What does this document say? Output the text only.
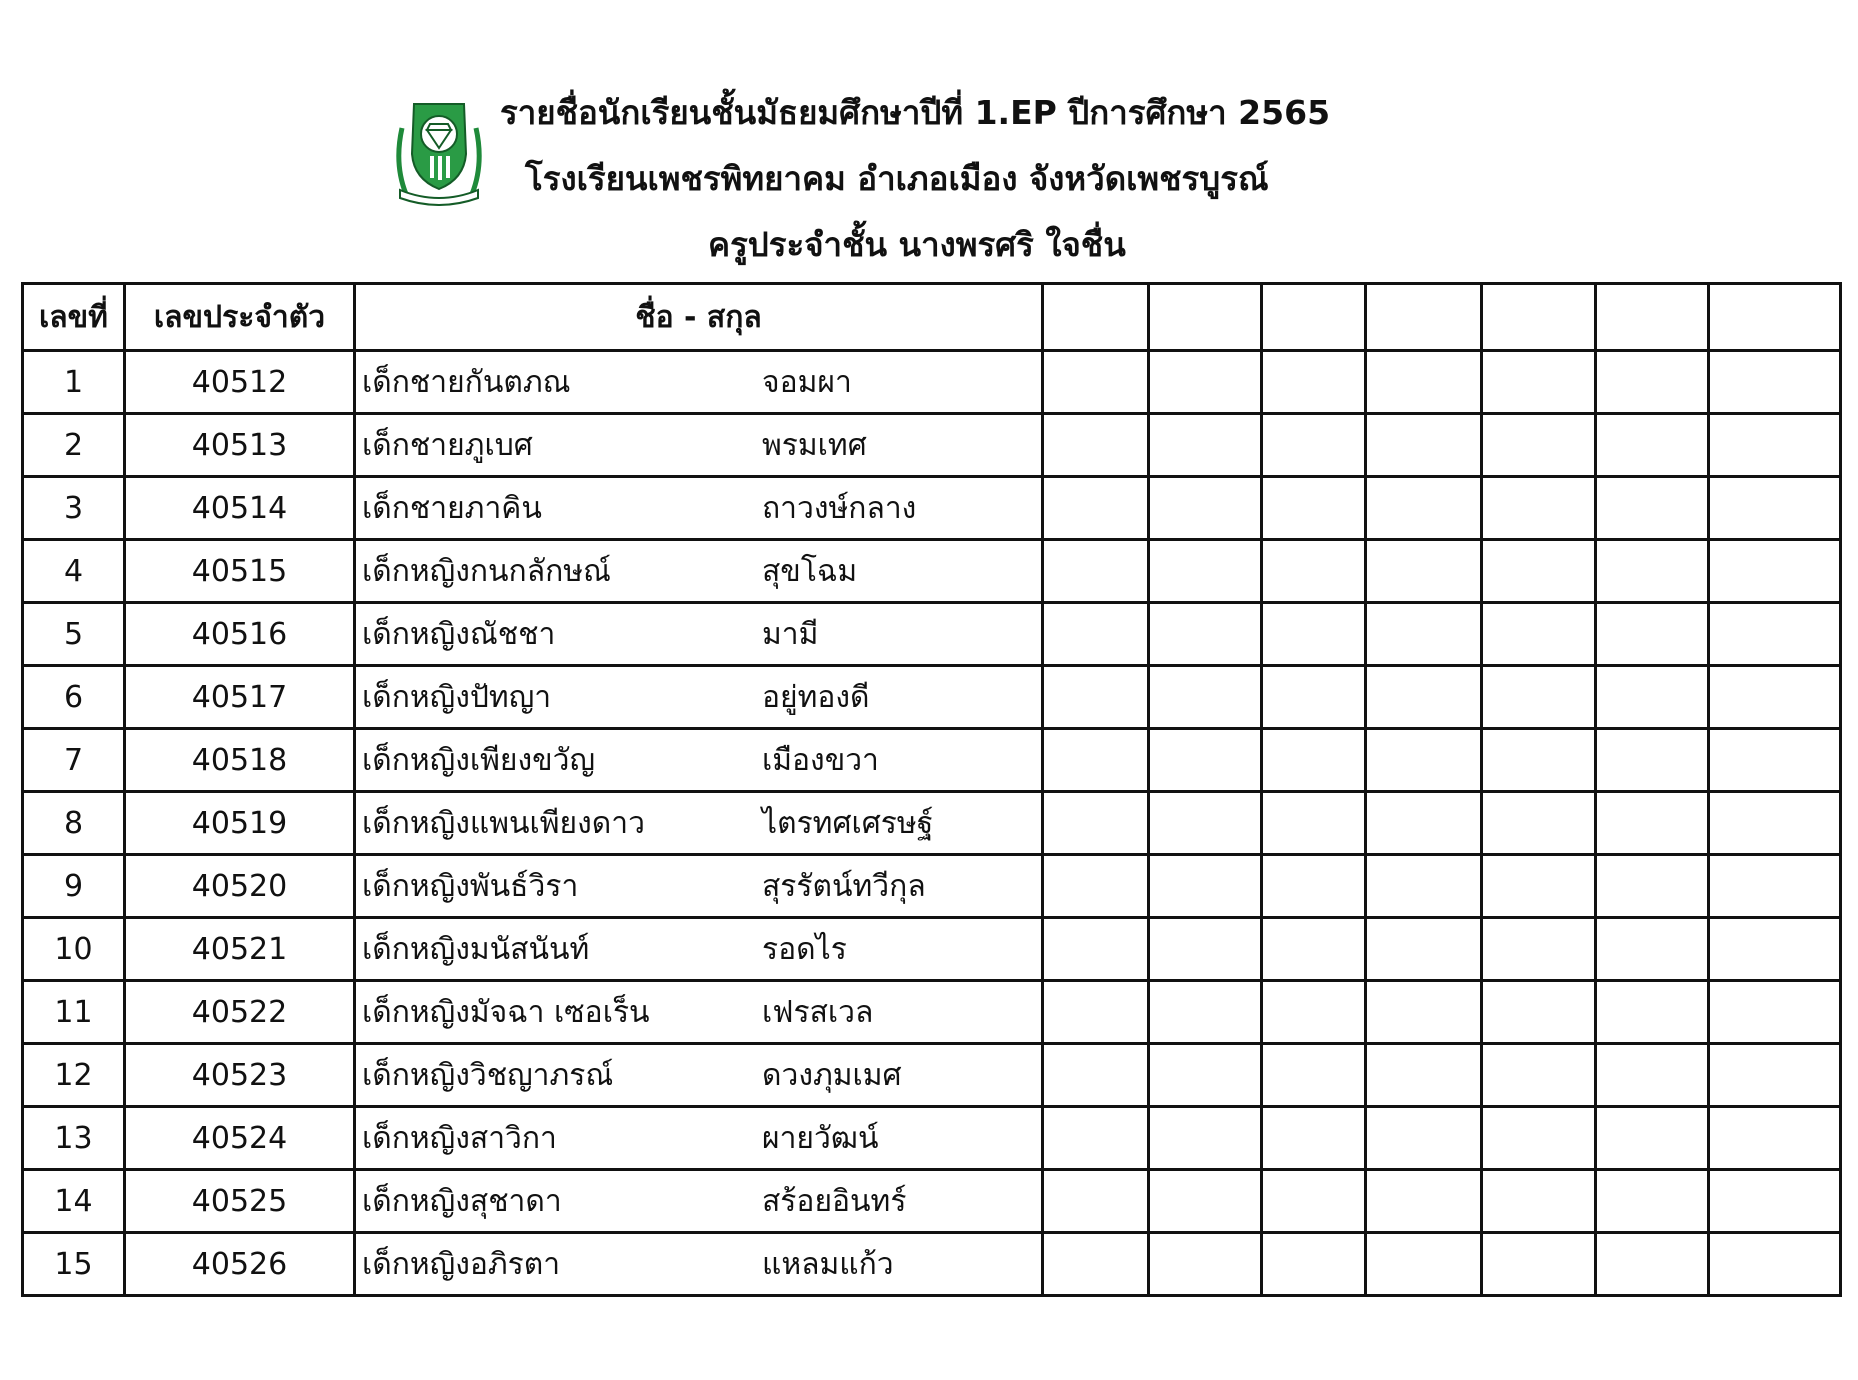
รายชื่อนักเรียนชั้นมัธยมศึกษาปีที่ 1.EP ปีการศึกษา 2565
โรงเรียนเพชรพิทยาคม อำเภอเมือง จังหวัดเพชรบูรณ์
ครูประจำชั้น นางพรศริ ใจชื่น
เลขที่	เลขประจำตัว	ชื่อ - สกุล							
1	40512	เด็กชายกันตภณ จอมผา							

2	40513	เด็กชายภูเบศ พรมเทศ							

3	40514	เด็กชายภาคิน ถาวงษ์กลาง							

4	40515	เด็กหญิงกนกลักษณ์ สุขโฉม							

5	40516	เด็กหญิงณัชชา มามี							

6	40517	เด็กหญิงปัทญา อยู่ทองดี							

7	40518	เด็กหญิงเพียงขวัญ เมืองขวา							

8	40519	เด็กหญิงแพนเพียงดาว ไตรทศเศรษฐ์							

9	40520	เด็กหญิงพันธ์วิรา สุรรัตน์ทวีกุล							

10	40521	เด็กหญิงมนัสนันท์ รอดไร							

11	40522	เด็กหญิงมัจฉา เซอเร็น เฟรสเวล							

12	40523	เด็กหญิงวิชญาภรณ์ ดวงภุมเมศ							

13	40524	เด็กหญิงสาวิกา ผายวัฒน์							

14	40525	เด็กหญิงสุชาดา สร้อยอินทร์							

15	40526	เด็กหญิงอภิรตา แหลมแก้ว							
